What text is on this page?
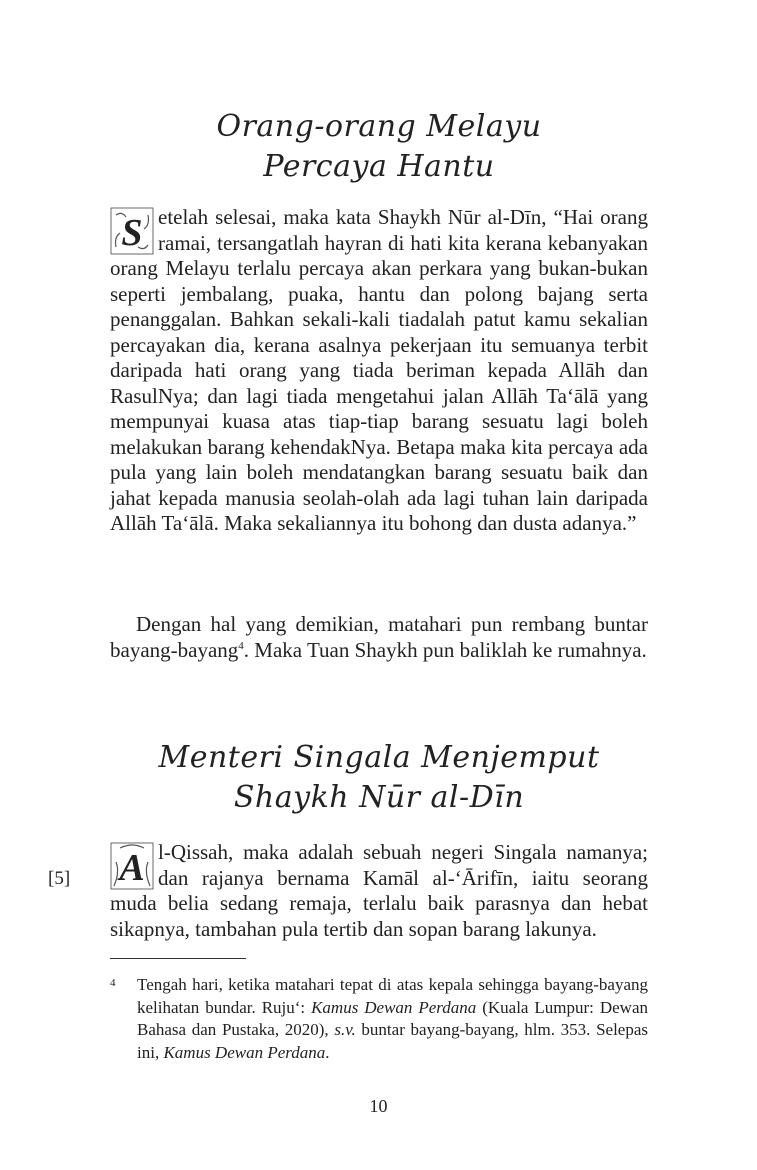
Orang-orang Melayu
Percaya Hantu
S etelah selesai, maka kata Shaykh Nūr al-Dīn, “Hai orang ramai, tersangatlah hayran di hati kita kerana kebanyakan orang Melayu terlalu percaya akan perkara yang bukan-bukan seperti jembalang, puaka, hantu dan polong bajang serta penanggalan. Bahkan sekali-kali tiadalah patut kamu sekalian percayakan dia, kerana asalnya pekerjaan itu semuanya terbit daripada hati orang yang tiada beriman kepada Allāh dan RasulNya; dan lagi tiada mengetahui jalan Allāh Ta‘ālā yang mempunyai kuasa atas tiap-tiap barang sesuatu lagi boleh melakukan barang kehendakNya. Betapa maka kita percaya ada pula yang lain boleh mendatangkan barang sesuatu baik dan jahat kepada manusia seolah-olah ada lagi tuhan lain daripada Allāh Ta‘ālā. Maka sekaliannya itu bohong dan dusta adanya.”
Dengan hal yang demikian, matahari pun rembang buntar bayang-bayang$^4$. Maka Tuan Shaykh pun baliklah ke rumahnya.
Menteri Singala Menjemput
Shaykh Nūr al-Dīn
A l-Qissah, maka adalah sebuah negeri Singala namanya; dan rajanya bernama Kamāl al-‘Ārifīn, iaitu seorang muda belia sedang remaja, terlalu baik parasnya dan hebat sikapnya, tambahan pula tertib dan sopan barang lakunya.
[5]
4 Tengah hari, ketika matahari tepat di atas kepala sehingga bayang-bayang kelihatan bundar. Ruju‘: Kamus Dewan Perdana (Kuala Lumpur: Dewan Bahasa dan Pustaka, 2020), s.v. buntar bayang-bayang, hlm. 353. Selepas ini, Kamus Dewan Perdana.
10
